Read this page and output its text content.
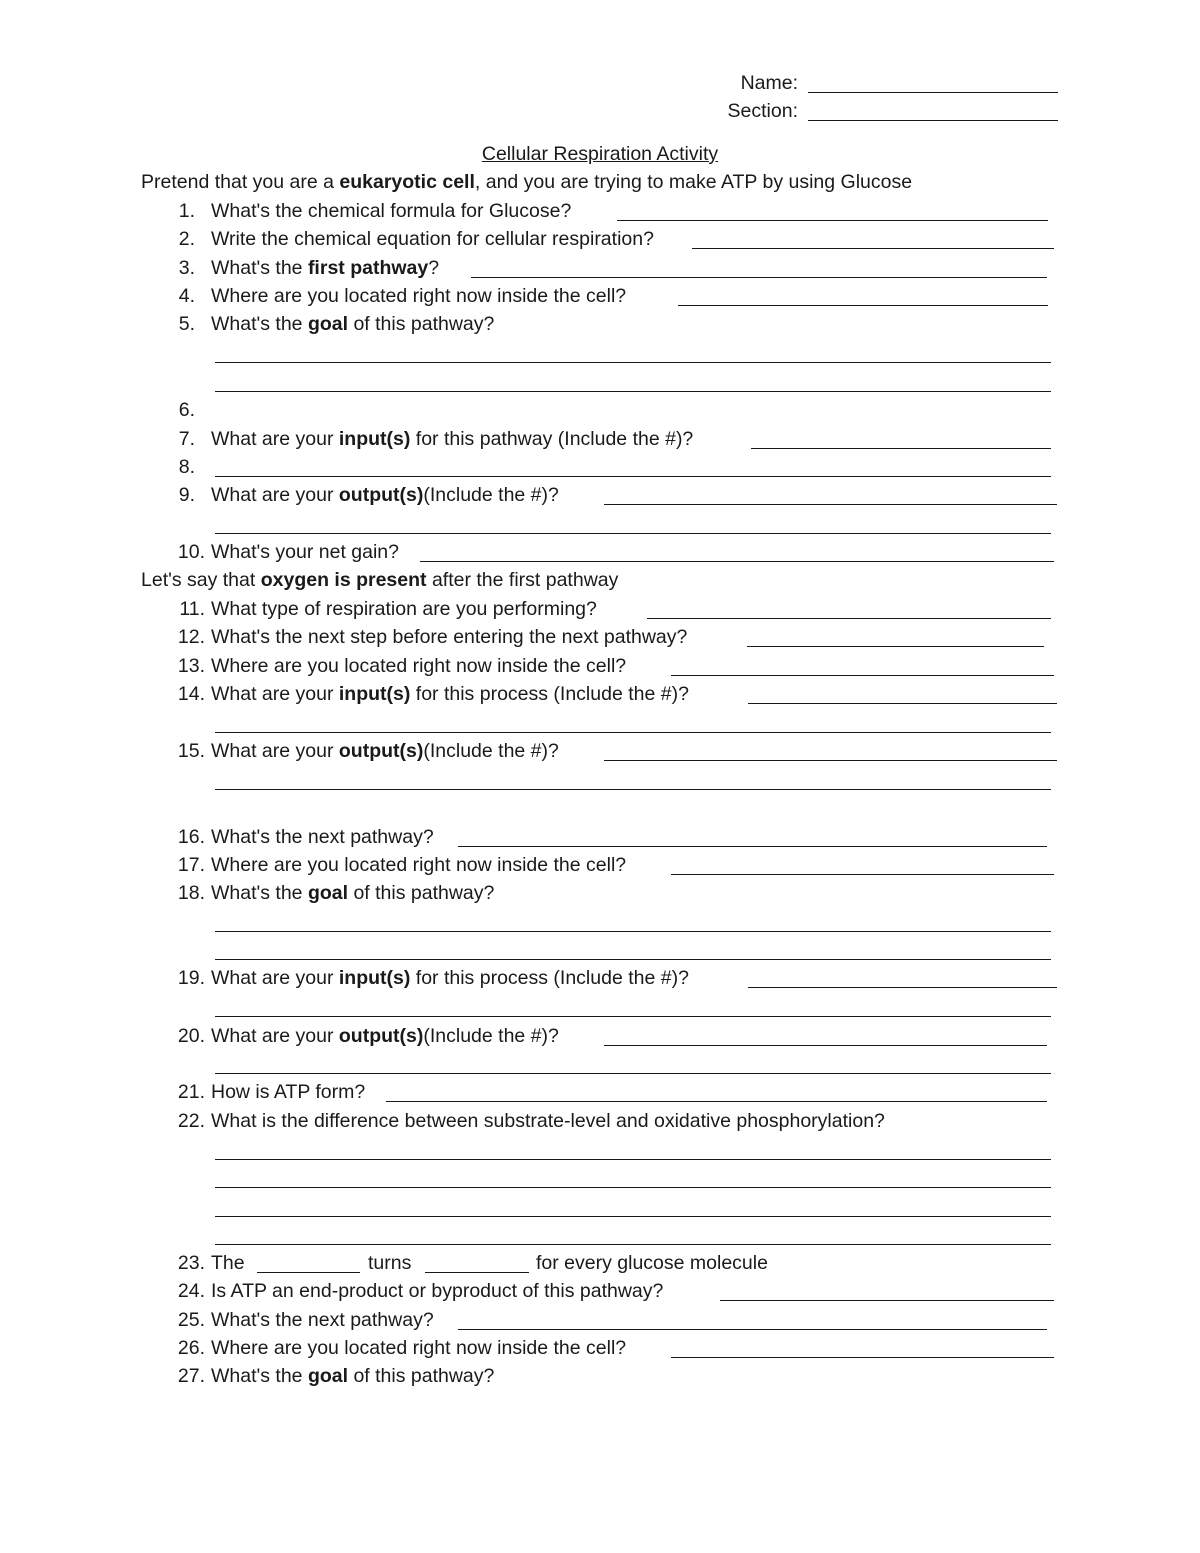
Name:
Section:
Cellular Respiration Activity
Pretend that you are a eukaryotic cell, and you are trying to make ATP by using Glucose
1. What's the chemical formula for Glucose?
2. Write the chemical equation for cellular respiration?
3. What's the first pathway?
4. Where are you located right now inside the cell?
5. What's the goal of this pathway?
6.
7. What are your input(s) for this pathway (Include the #)?
8.
9. What are your output(s)(Include the #)?
10. What's your net gain?
Let's say that oxygen is present after the first pathway
11. What type of respiration are you performing?
12. What's the next step before entering the next pathway?
13. Where are you located right now inside the cell?
14. What are your input(s) for this process (Include the #)?
15. What are your output(s)(Include the #)?
16. What's the next pathway?
17. Where are you located right now inside the cell?
18. What's the goal of this pathway?
19. What are your input(s) for this process (Include the #)?
20. What are your output(s)(Include the #)?
21. How is ATP form?
22. What is the difference between substrate-level and oxidative phosphorylation?
23. The	turns	for every glucose molecule
24. Is ATP an end-product or byproduct of this pathway?
25. What's the next pathway?
26. Where are you located right now inside the cell?
27. What's the goal of this pathway?
